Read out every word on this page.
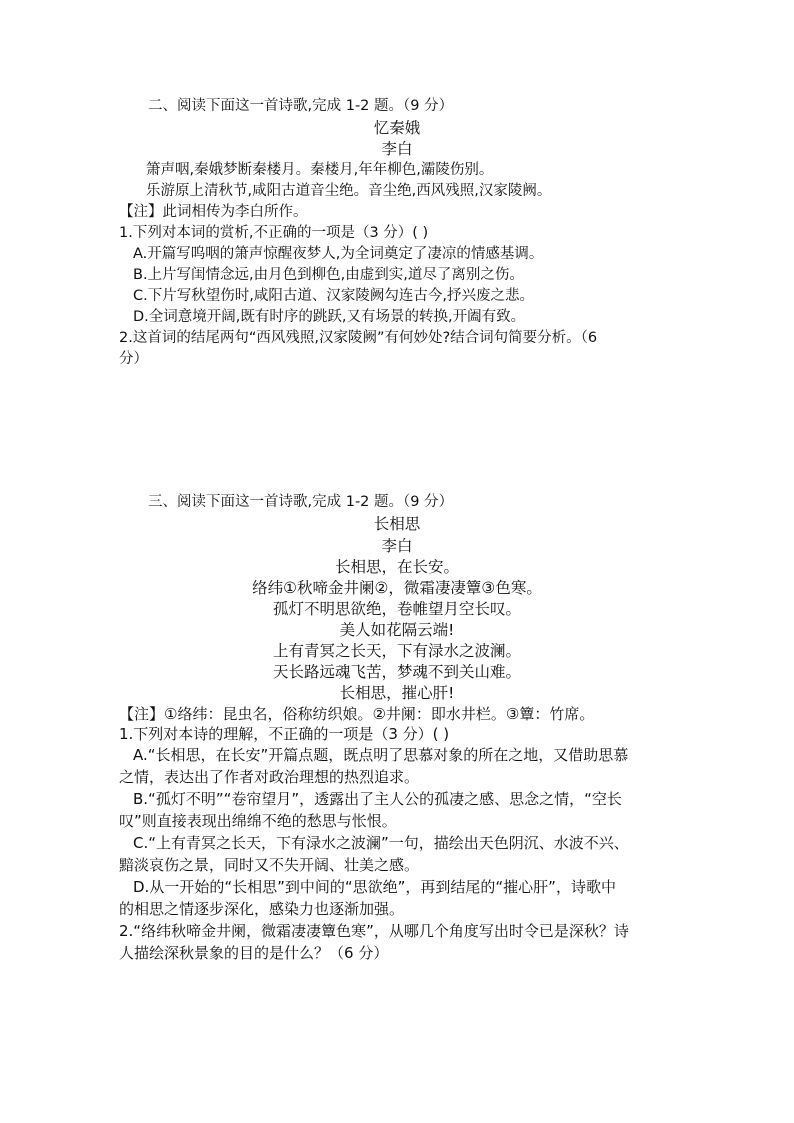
二、阅读下面这一首诗歌,完成 1-2 题。（9 分）
忆秦娥
李白
箫声咽,秦娥梦断秦楼月。秦楼月,年年柳色,灞陵伤别。
乐游原上清秋节,咸阳古道音尘绝。音尘绝,西风残照,汉家陵阙。
【注】此词相传为李白所作。
1.下列对本词的赏析,不正确的一项是（3 分）( )
A.开篇写呜咽的箫声惊醒夜梦人,为全词奠定了凄凉的情感基调。
B.上片写闺情念远,由月色到柳色,由虚到实,道尽了离别之伤。
C.下片写秋望伤时,咸阳古道、汉家陵阙勾连古今,抒兴废之悲。
D.全词意境开阔,既有时序的跳跃,又有场景的转换,开阖有致。
2.这首词的结尾两句“西风残照,汉家陵阙”有何妙处?结合词句简要分析。（6
分）
三、阅读下面这一首诗歌,完成 1-2 题。（9 分）
长相思
李白
长相思，在长安。
络纬①秋啼金井阑②，微霜凄凄簟③色寒。
孤灯不明思欲绝，卷帷望月空长叹。
美人如花隔云端!
上有青冥之长天，下有渌水之波澜。
天长路远魂飞苦，梦魂不到关山难。
长相思，摧心肝!
【注】①络纬：昆虫名，俗称纺织娘。②井阑：即水井栏。③簟：竹席。
1.下列对本诗的理解，不正确的一项是（3 分）( )
A.“长相思，在长安”开篇点题，既点明了思慕对象的所在之地，又借助思慕
之情，表达出了作者对政治理想的热烈追求。
B.“孤灯不明”“卷帘望月”，透露出了主人公的孤凄之感、思念之情，“空长
叹”则直接表现出绵绵不绝的愁思与怅恨。
C.“上有青冥之长天，下有渌水之波澜”一句，描绘出天色阴沉、水波不兴、
黯淡哀伤之景，同时又不失开阔、壮美之感。
D.从一开始的“长相思”到中间的“思欲绝”，再到结尾的“摧心肝”，诗歌中
的相思之情逐步深化，感染力也逐渐加强。
2.“络纬秋啼金井阑，微霜凄凄簟色寒”，从哪几个角度写出时令已是深秋？诗
人描绘深秋景象的目的是什么？（6 分）
